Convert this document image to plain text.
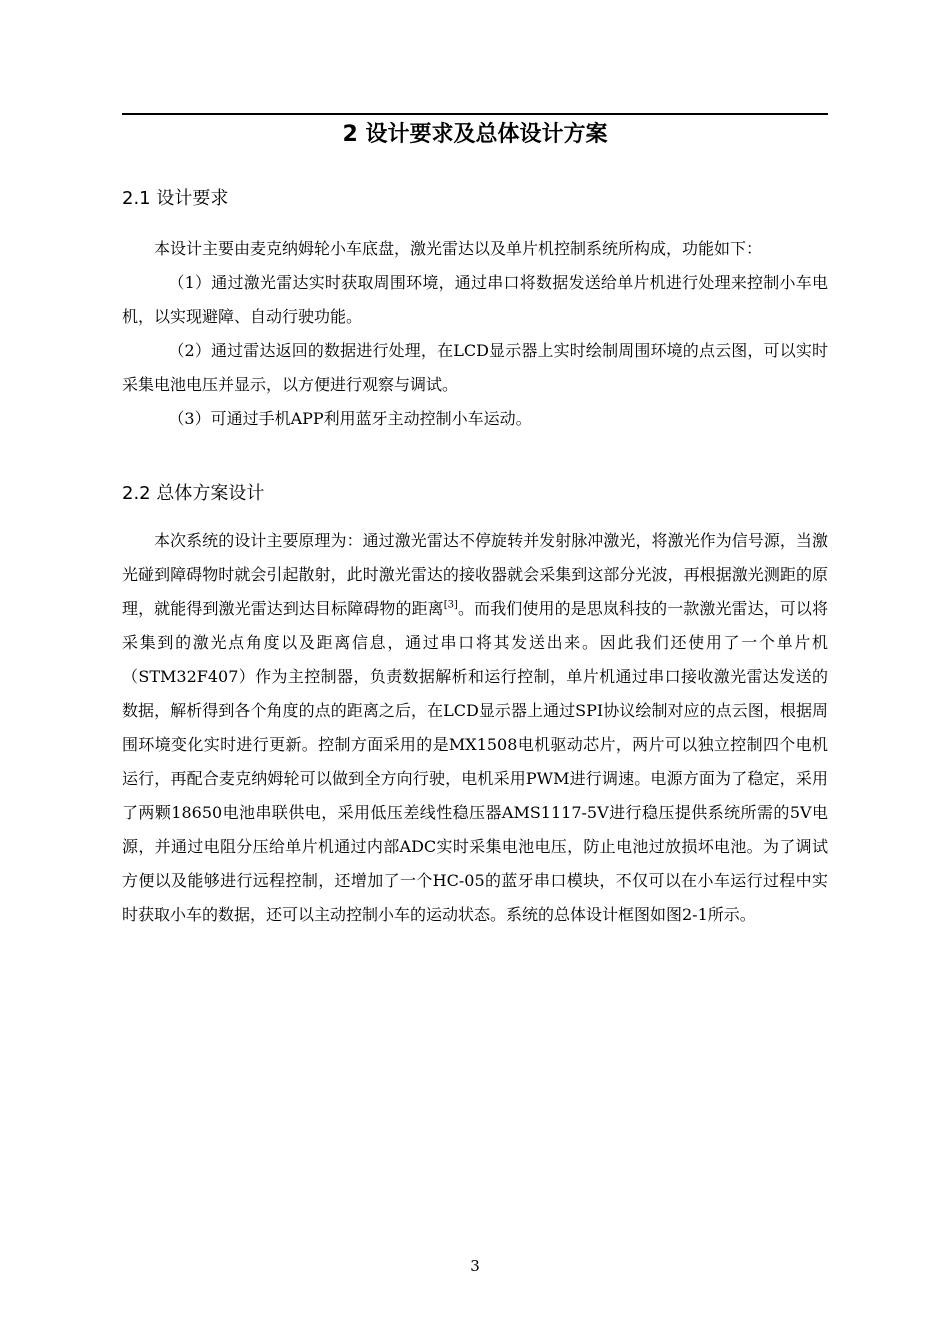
2 设计要求及总体设计方案
2.1 设计要求

本设计主要由麦克纳姆轮小车底盘，激光雷达以及单片机控制系统所构成，功能如下：

（1）通过激光雷达实时获取周围环境，通过串口将数据发送给单片机进行处理来控制小车电机，以实现避障、自动行驶功能。

（2）通过雷达返回的数据进行处理，在LCD显示器上实时绘制周围环境的点云图，可以实时采集电池电压并显示，以方便进行观察与调试。

（3）可通过手机APP利用蓝牙主动控制小车运动。

2.2 总体方案设计

本次系统的设计主要原理为：通过激光雷达不停旋转并发射脉冲激光，将激光作为信号源，当激光碰到障碍物时就会引起散射，此时激光雷达的接收器就会采集到这部分光波，再根据激光测距的原理，就能得到激光雷达到达目标障碍物的距离[3]。而我们使用的是思岚科技的一款激光雷达，可以将采集到的激光点角度以及距离信息，通过串口将其发送出来。因此我们还使用了一个单片机（STM32F407）作为主控制器，负责数据解析和运行控制，单片机通过串口接收激光雷达发送的数据，解析得到各个角度的点的距离之后，在LCD显示器上通过SPI协议绘制对应的点云图，根据周围环境变化实时进行更新。控制方面采用的是MX1508电机驱动芯片，两片可以独立控制四个电机运行，再配合麦克纳姆轮可以做到全方向行驶，电机采用PWM进行调速。电源方面为了稳定，采用了两颗18650电池串联供电，采用低压差线性稳压器AMS1117-5V进行稳压提供系统所需的5V电源，并通过电阻分压给单片机通过内部ADC实时采集电池电压，防止电池过放损坏电池。为了调试方便以及能够进行远程控制，还增加了一个HC-05的蓝牙串口模块，不仅可以在小车运行过程中实时获取小车的数据，还可以主动控制小车的运动状态。系统的总体设计框图如图2-1所示。

3
